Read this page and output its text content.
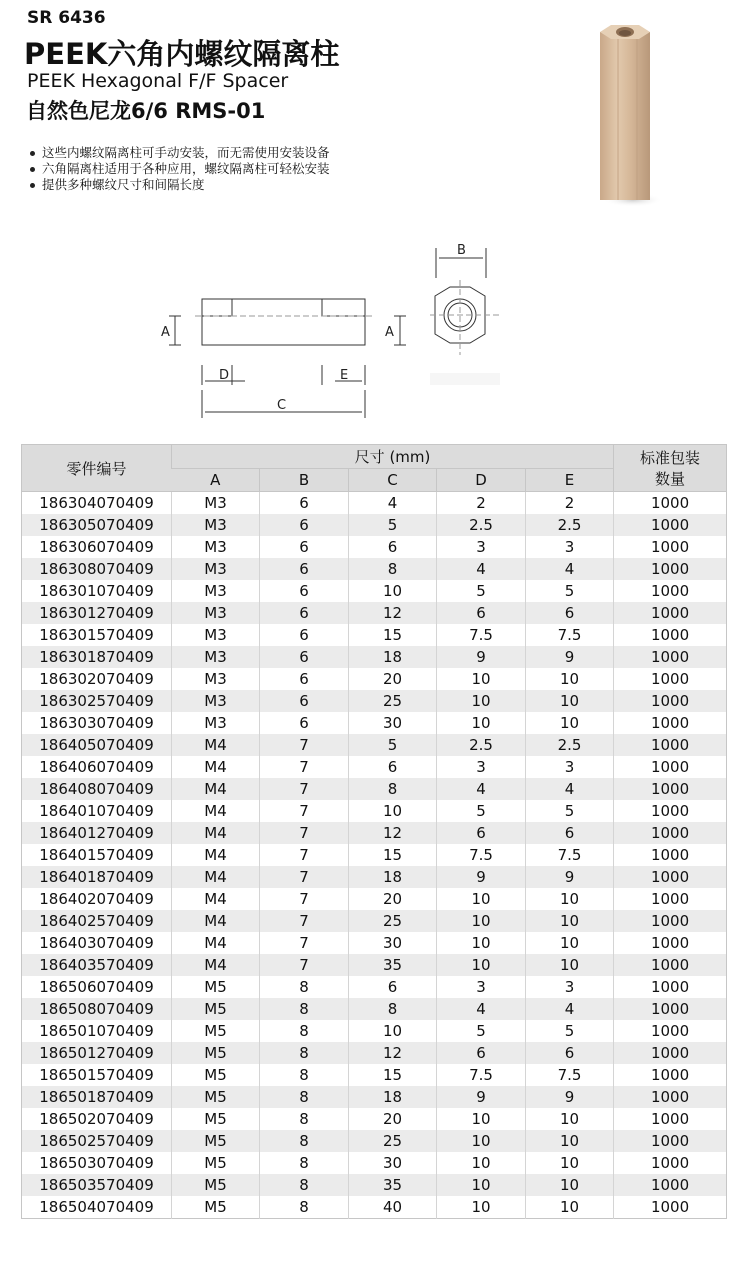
SR 6436
PEEK六角内螺纹隔离柱
PEEK Hexagonal F/F Spacer
自然色尼龙6/6 RMS-01
这些内螺纹隔离柱可手动安装，而无需使用安装设备
六角隔离柱适用于各种应用，螺纹隔离柱可轻松安装
提供多种螺纹尺寸和间隔长度
A	A
B
C
D	E
零件编号	尺寸 (mm)					标准包装
数量
	A	B	C	D	E	
186304070409	M3	6	4	2	2	1000
186305070409	M3	6	5	2.5	2.5	1000
186306070409	M3	6	6	3	3	1000
186308070409	M3	6	8	4	4	1000
186301070409	M3	6	10	5	5	1000
186301270409	M3	6	12	6	6	1000
186301570409	M3	6	15	7.5	7.5	1000
186301870409	M3	6	18	9	9	1000
186302070409	M3	6	20	10	10	1000
186302570409	M3	6	25	10	10	1000
186303070409	M3	6	30	10	10	1000
186405070409	M4	7	5	2.5	2.5	1000
186406070409	M4	7	6	3	3	1000
186408070409	M4	7	8	4	4	1000
186401070409	M4	7	10	5	5	1000
186401270409	M4	7	12	6	6	1000
186401570409	M4	7	15	7.5	7.5	1000
186401870409	M4	7	18	9	9	1000
186402070409	M4	7	20	10	10	1000
186402570409	M4	7	25	10	10	1000
186403070409	M4	7	30	10	10	1000
186403570409	M4	7	35	10	10	1000
186506070409	M5	8	6	3	3	1000
186508070409	M5	8	8	4	4	1000
186501070409	M5	8	10	5	5	1000
186501270409	M5	8	12	6	6	1000
186501570409	M5	8	15	7.5	7.5	1000
186501870409	M5	8	18	9	9	1000
186502070409	M5	8	20	10	10	1000
186502570409	M5	8	25	10	10	1000
186503070409	M5	8	30	10	10	1000
186503570409	M5	8	35	10	10	1000
186504070409	M5	8	40	10	10	1000
